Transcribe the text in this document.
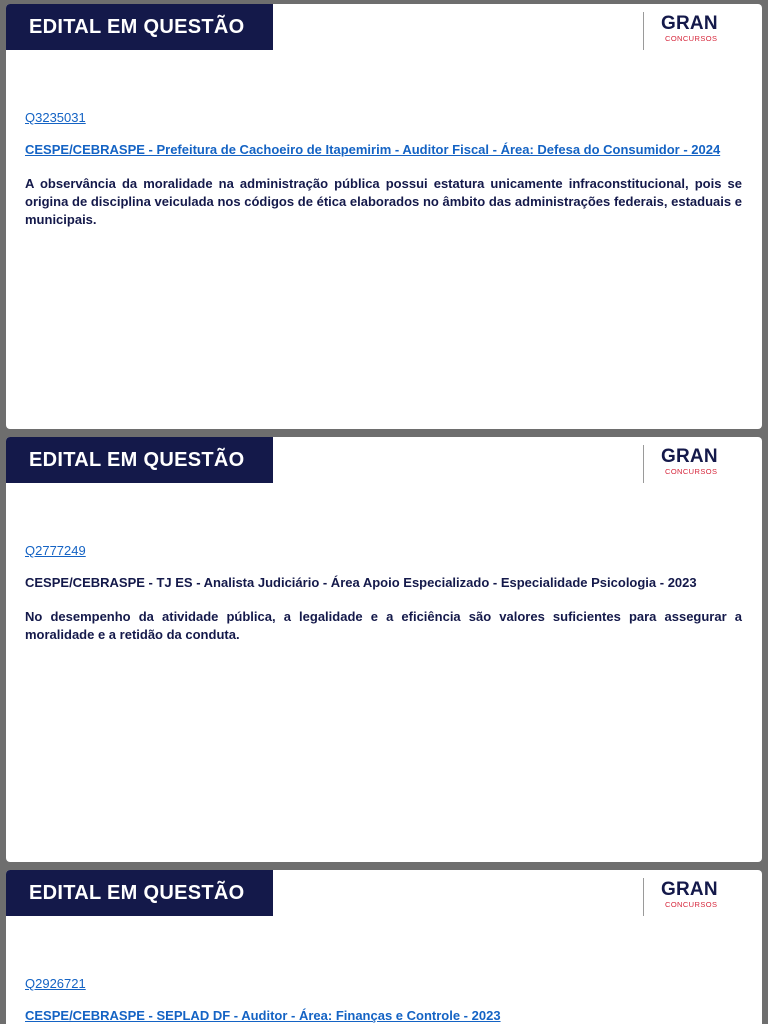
EDITAL EM QUESTÃO	GRAN
CONCURSOS
Q3235031
CESPE/CEBRASPE - Prefeitura de Cachoeiro de Itapemirim - Auditor Fiscal - Área: Defesa do Consumidor - 2024
A observância da moralidade na administração pública possui estatura unicamente infraconstitucional, pois se origina de disciplina veiculada nos códigos de ética elaborados no âmbito das administrações federais, estaduais e municipais.
EDITAL EM QUESTÃO	GRAN
CONCURSOS
Q2777249
CESPE/CEBRASPE - TJ ES - Analista Judiciário - Área Apoio Especializado - Especialidade Psicologia - 2023
No desempenho da atividade pública, a legalidade e a eficiência são valores suficientes para assegurar a moralidade e a retidão da conduta.
EDITAL EM QUESTÃO	GRAN
CONCURSOS
Q2926721
CESPE/CEBRASPE - SEPLAD DF - Auditor - Área: Finanças e Controle - 2023
